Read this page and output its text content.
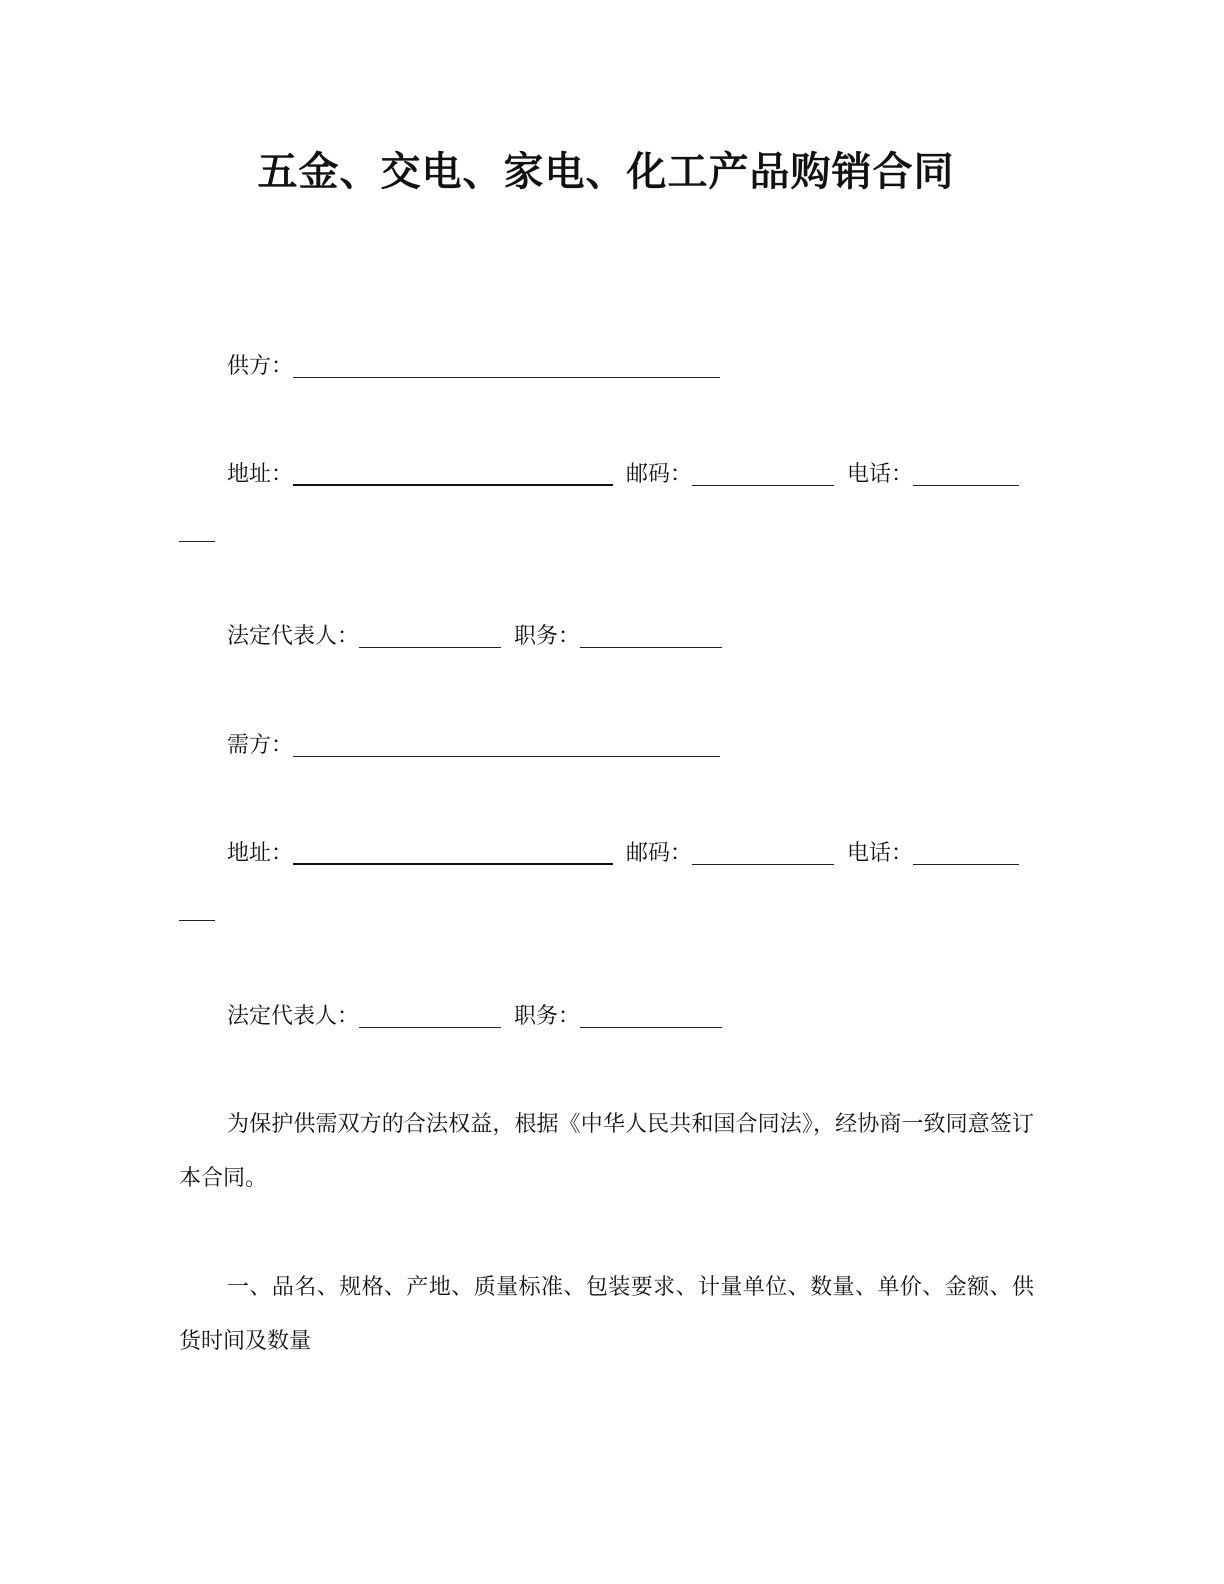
五金、交电、家电、化工产品购销合同
供方：
地址：	邮码：	电话：
法定代表人：	职务：
需方：
地址：	邮码：	电话：
法定代表人：	职务：
为保护供需双方的合法权益，根据《中华人民共和国合同法》，经协商一致同意签订本合同。
一、品名、规格、产地、质量标准、包装要求、计量单位、数量、单价、金额、供货时间及数量
